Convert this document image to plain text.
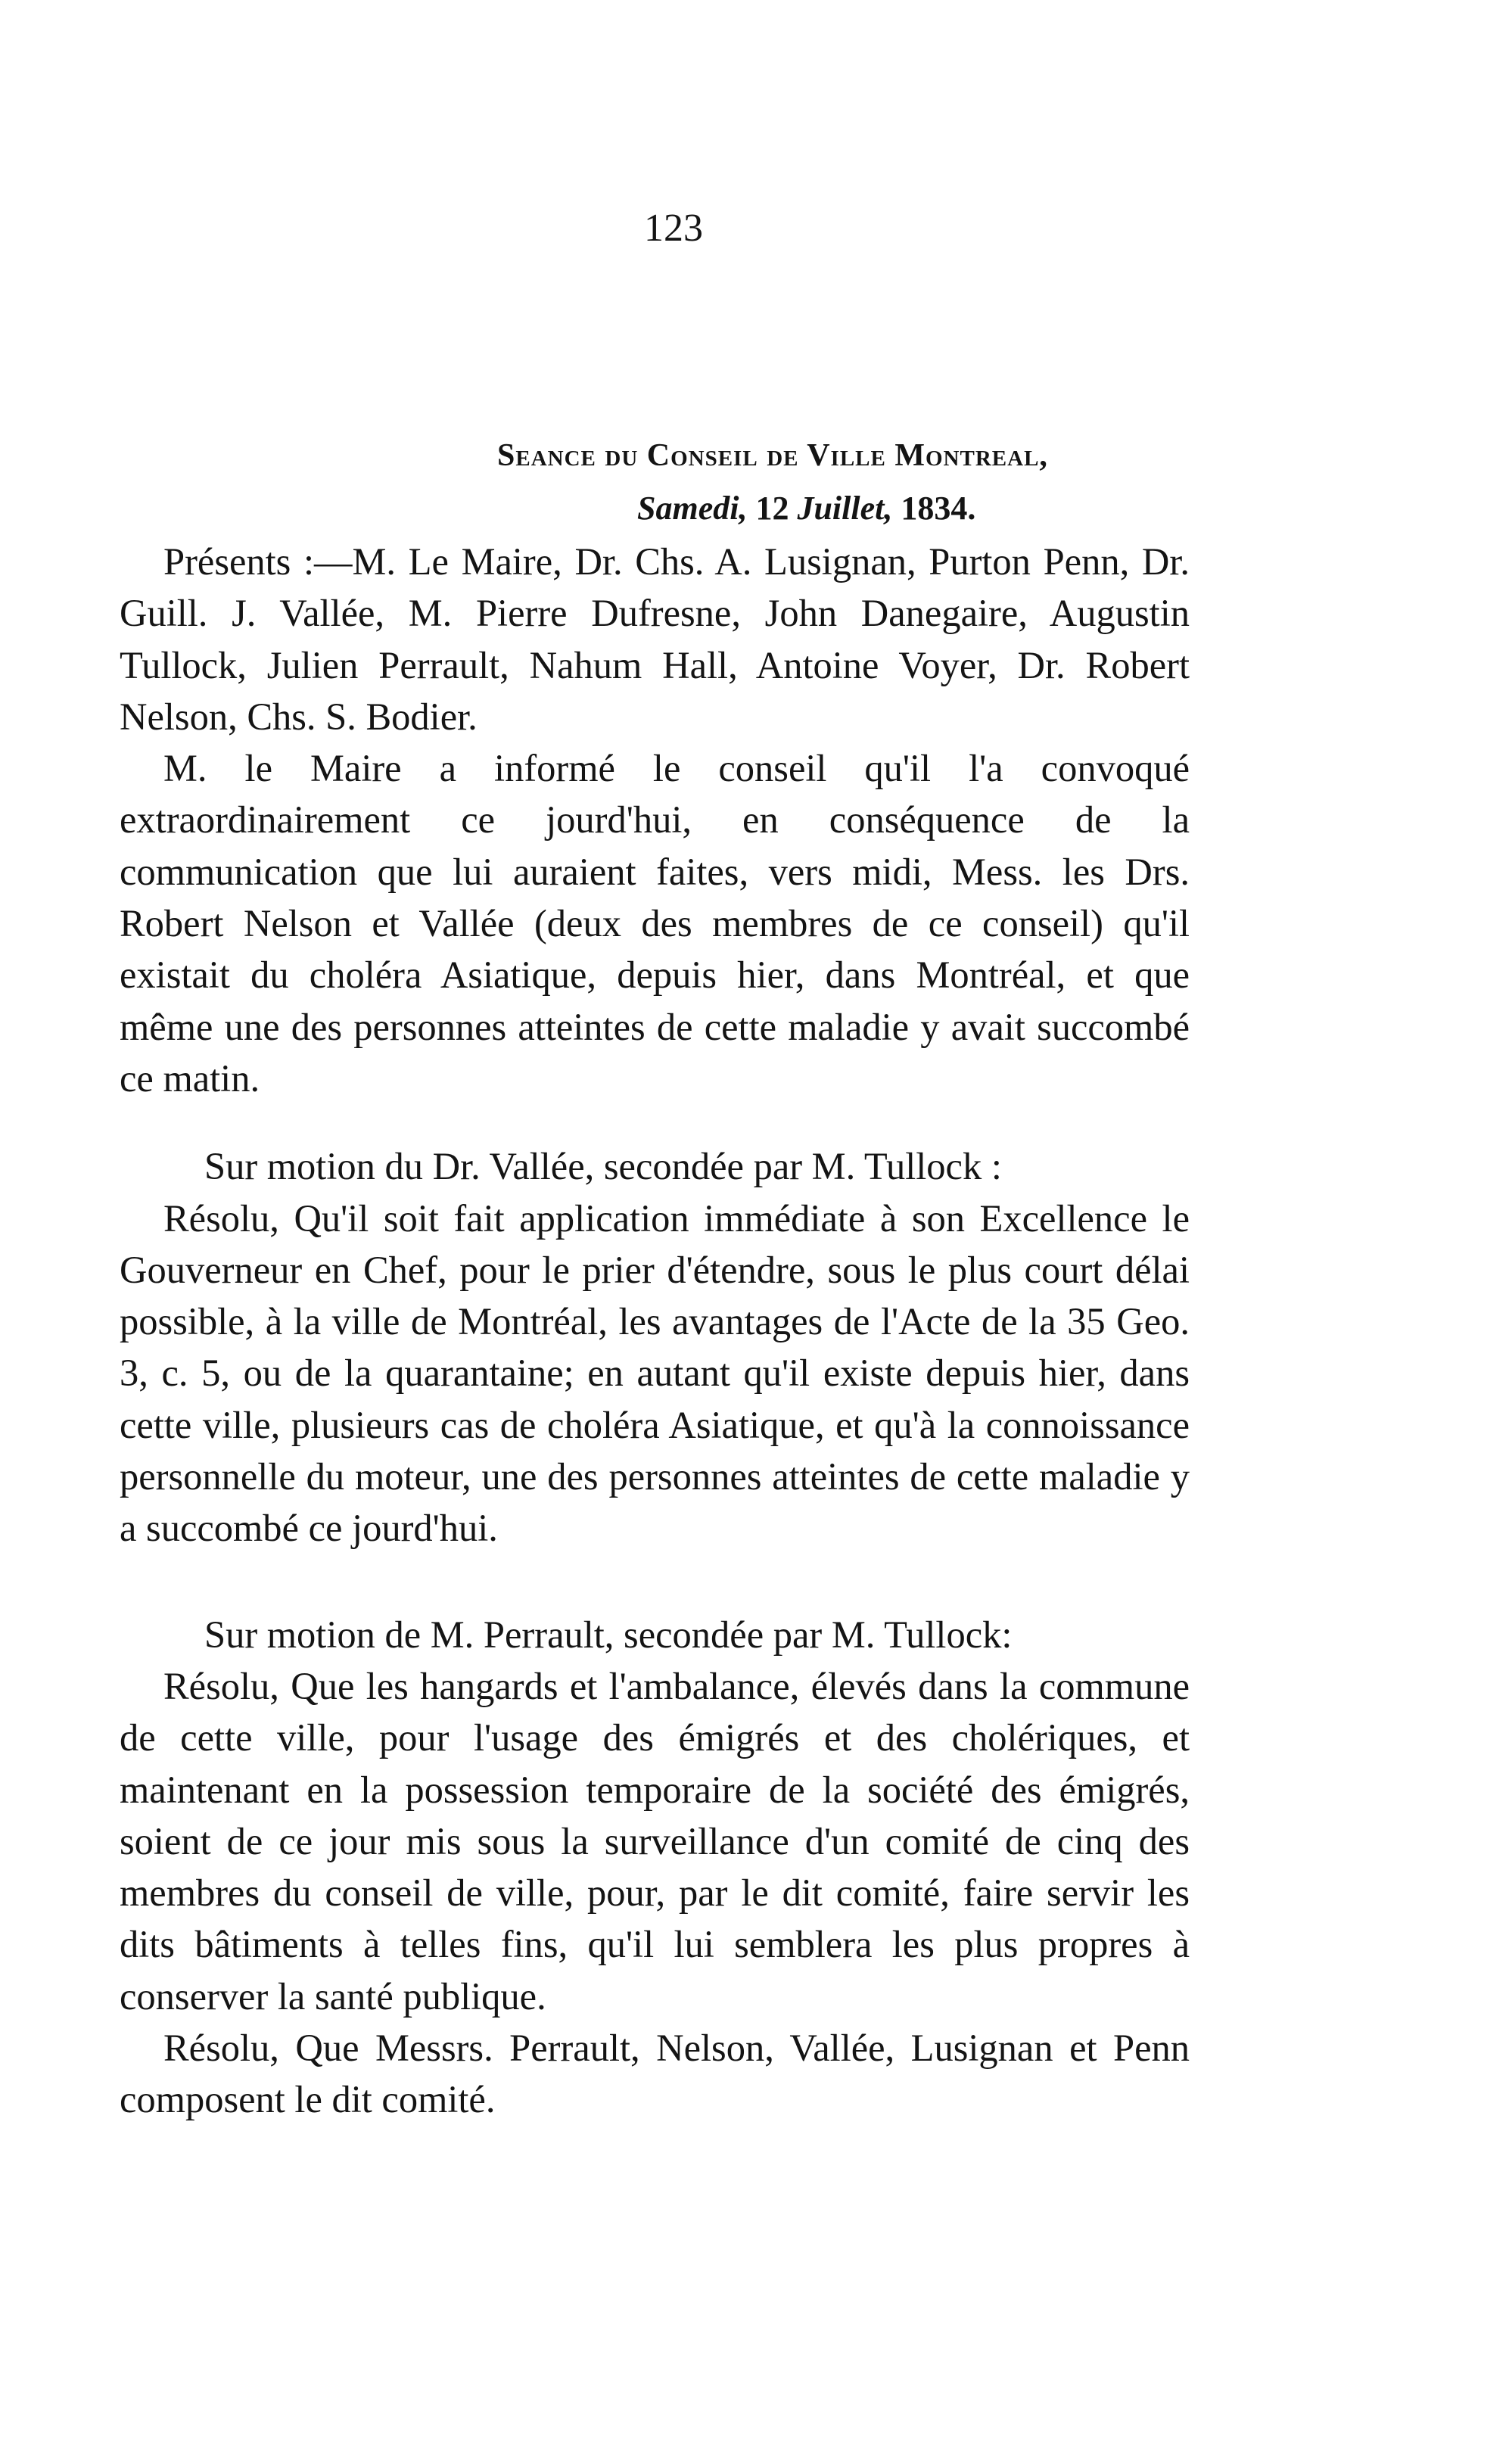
123
Seance du Conseil de Ville Montreal,
Samedi, 12 Juillet, 1834.

Présents :—M. Le Maire, Dr. Chs. A. Lusignan, Purton Penn, Dr. Guill. J. Vallée, M. Pierre Dufresne, John Danegaire, Augustin Tullock, Julien Perrault, Nahum Hall, Antoine Voyer, Dr. Robert Nelson, Chs. S. Bodier.

M. le Maire a informé le conseil qu'il l'a convoqué extraordinairement ce jourd'hui, en conséquence de la communication que lui auraient faites, vers midi, Mess. les Drs. Robert Nelson et Vallée (deux des membres de ce conseil) qu'il existait du choléra Asiatique, depuis hier, dans Montréal, et que même une des personnes atteintes de cette maladie y avait succombé ce matin.

Sur motion du Dr. Vallée, secondée par M. Tullock :

Résolu, Qu'il soit fait application immédiate à son Excellence le Gouverneur en Chef, pour le prier d'étendre, sous le plus court délai possible, à la ville de Montréal, les avantages de l'Acte de la 35 Geo. 3, c. 5, ou de la quarantaine; en autant qu'il existe depuis hier, dans cette ville, plusieurs cas de choléra Asiatique, et qu'à la connoissance personnelle du moteur, une des personnes atteintes de cette maladie y a succombé ce jourd'hui.

Sur motion de M. Perrault, secondée par M. Tullock:

Résolu, Que les hangards et l'ambalance, élevés dans la commune de cette ville, pour l'usage des émigrés et des cholériques, et maintenant en la possession temporaire de la société des émigrés, soient de ce jour mis sous la surveillance d'un comité de cinq des membres du conseil de ville, pour, par le dit comité, faire servir les dits bâtiments à telles fins, qu'il lui semblera les plus propres à conserver la santé publique.

Résolu, Que Messrs. Perrault, Nelson, Vallée, Lusignan et Penn composent le dit comité.
